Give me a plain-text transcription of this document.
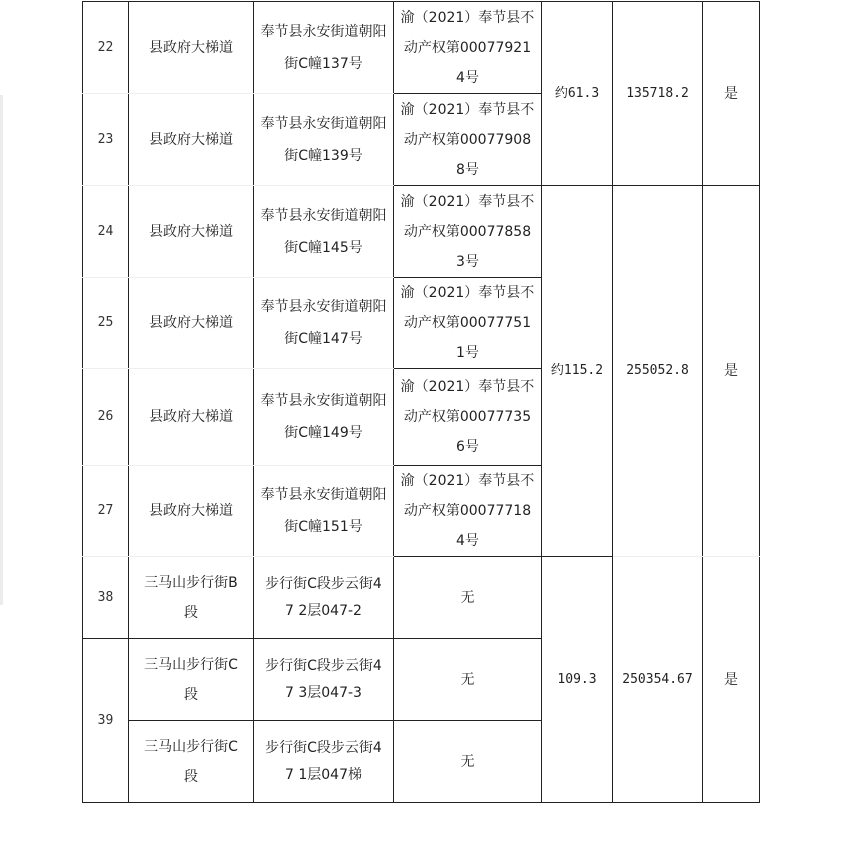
22	县政府大梯道	奉节县永安街道朝阳街C幢137号	渝（2021）奉节县不动产权第000779214号	约61.3	135718.2	是
23	县政府大梯道	奉节县永安街道朝阳街C幢139号	渝（2021）奉节县不动产权第000779088号			
24	县政府大梯道	奉节县永安街道朝阳街C幢145号	渝（2021）奉节县不动产权第000778583号	约115.2	255052.8	是
25	县政府大梯道	奉节县永安街道朝阳街C幢147号	渝（2021）奉节县不动产权第000777511号			
26	县政府大梯道	奉节县永安街道朝阳街C幢149号	渝（2021）奉节县不动产权第000777356号			
27	县政府大梯道	奉节县永安街道朝阳街C幢151号	渝（2021）奉节县不动产权第000777184号			
38	三马山步行街B段	步行街C段步云街47 2层047-2	无	109.3	250354.67	是
39	三马山步行街C段	步行街C段步云街47 3层047-3	无			
	三马山步行街C段	步行街C段步云街47 1层047梯	无			
